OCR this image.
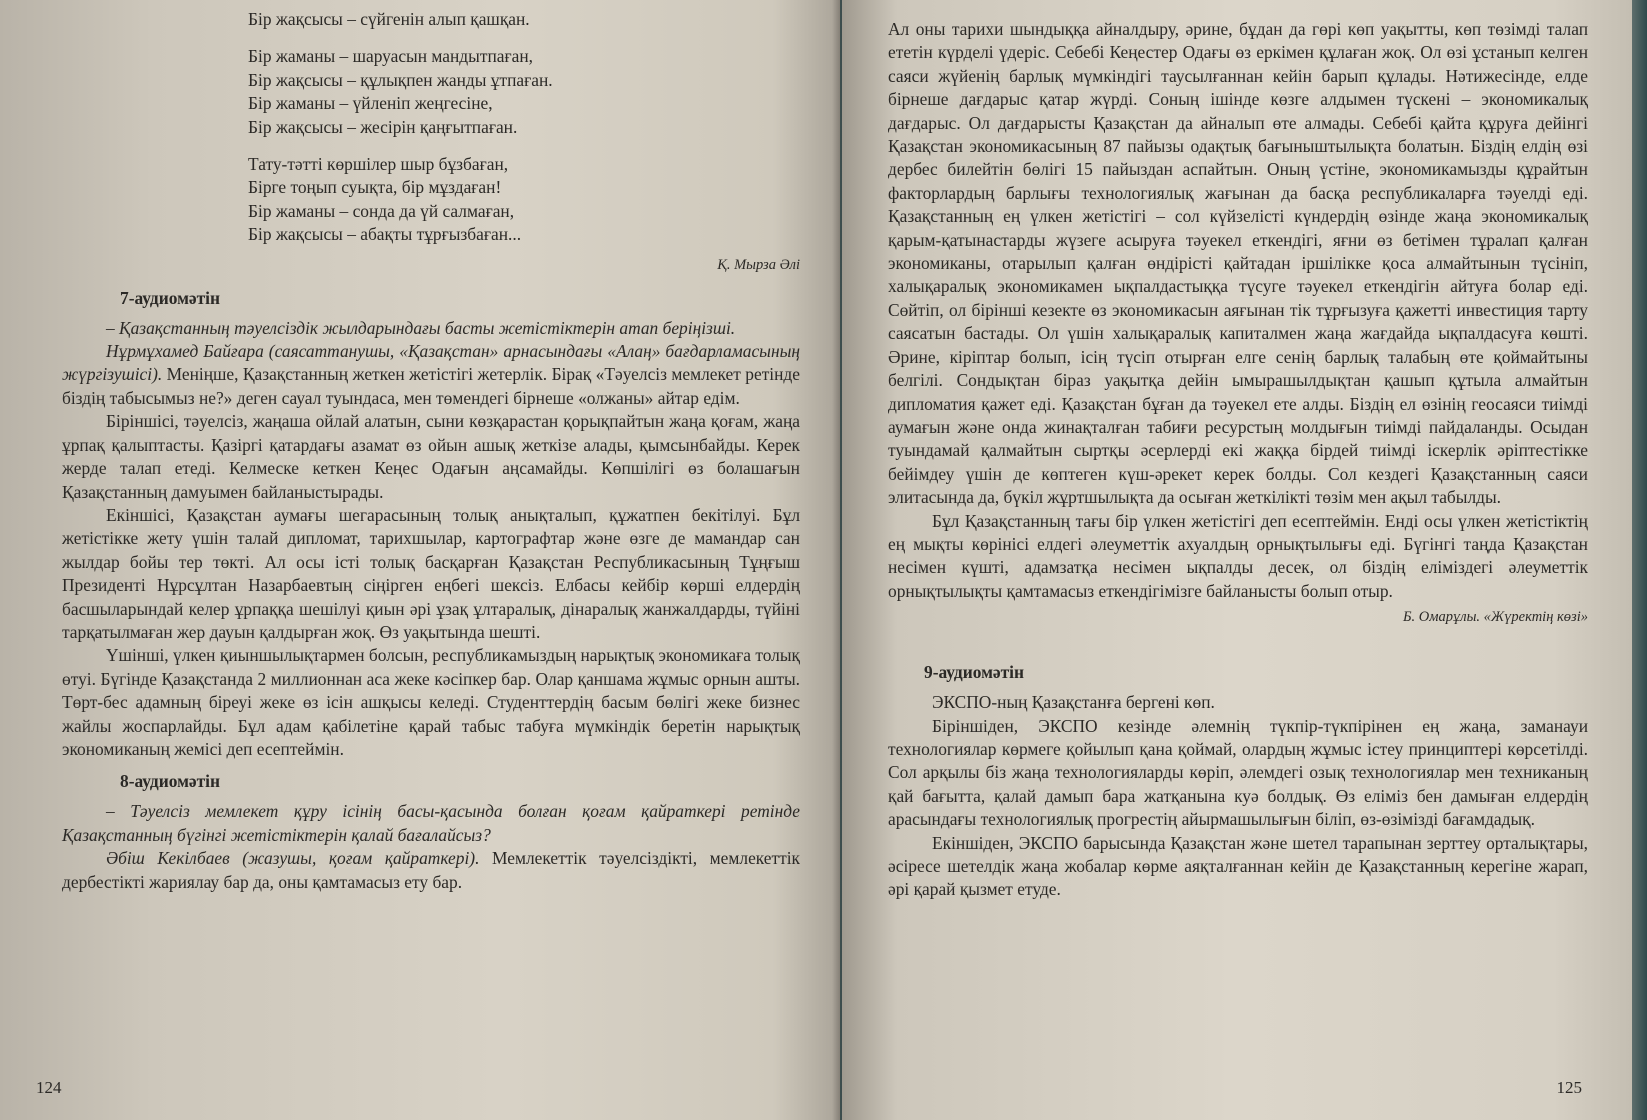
Бір жақсысы – сүйгенін алып қашқан.
Бір жаманы – шаруасын мандытпаған,
Бір жақсысы – құлықпен жанды ұтпаған.
Бір жаманы – үйленіп жеңгесіне,
Бір жақсысы – жесірін қаңғытпаған.
Тату-тәтті көршілер шыр бұзбаған,
Бірге тоңып суықта, бір мұздаған!
Бір жаманы – сонда да үй салмаған,
Бір жақсысы – абақты тұрғызбаған...
Қ. Мырза Әлі
7-аудиомәтін

– Қазақстанның тәуелсіздік жылдарындағы басты жетістіктерін атап беріңізші.

Нұрмұхамед Байғара (саясаттанушы, «Қазақстан» арнасындағы «Алаң» бағдарламасының жүргізушісі). Меніңше, Қазақстанның жеткен жетістігі жетерлік. Бірақ «Тәуелсіз мемлекет ретінде біздің табысымыз не?» деген сауал туындаса, мен төмендегі бірнеше «олжаны» айтар едім.

Біріншісі, тәуелсіз, жаңаша ойлай алатын, сыни көзқарастан қорықпайтын жаңа қоғам, жаңа ұрпақ қалыптасты. Қазіргі қатардағы азамат өз ойын ашық жеткізе алады, қымсынбайды. Керек жерде талап етеді. Келмеске кеткен Кеңес Одағын аңсамайды. Көпшілігі өз болашағын Қазақстанның дамуымен байланыстырады.

Екіншісі, Қазақстан аумағы шегарасының толық анықталып, құжатпен бекітілуі. Бұл жетістікке жету үшін талай дипломат, тарихшылар, картографтар және өзге де мамандар сан жылдар бойы тер төкті. Ал осы істі толық басқарған Қазақстан Республикасының Тұңғыш Президенті Нұрсұлтан Назарбаевтың сіңірген еңбегі шексіз. Елбасы кейбір көрші елдердің басшыларындай келер ұрпаққа шешілуі қиын әрі ұзақ ұлтаралық, дінаралық жанжалдарды, түйіні тарқатылмаған жер дауын қалдырған жоқ. Өз уақытында шешті.

Үшінші, үлкен қиыншылықтармен болсын, республикамыздың нарықтық экономикаға толық өтуі. Бүгінде Қазақстанда 2 миллионнан аса жеке кәсіпкер бар. Олар қаншама жұмыс орнын ашты. Төрт-бес адамның біреуі жеке өз ісін ашқысы келеді. Студенттердің басым бөлігі жеке бизнес жайлы жоспарлайды. Бұл адам қабілетіне қарай табыс табуға мүмкіндік беретін нарықтық экономиканың жемісі деп есептеймін.

8-аудиомәтін

– Тәуелсіз мемлекет құру ісінің басы-қасында болған қоғам қайраткері ретінде Қазақстанның бүгінгі жетістіктерін қалай бағалайсыз?

Әбіш Кекілбаев (жазушы, қоғам қайраткері). Мемлекеттік тәуелсіздікті, мемлекеттік дербестікті жариялау бар да, оны қамтамасыз ету бар.

124

Ал оны тарихи шындыққа айналдыру, әрине, бұдан да гөрі көп уақытты, көп төзімді талап ететін күрделі үдеріс. Себебі Кеңестер Одағы өз еркімен құлаған жоқ. Ол өзі ұстанып келген саяси жүйенің барлық мүмкіндігі таусылғаннан кейін барып құлады. Нәтижесінде, елде бірнеше дағдарыс қатар жүрді. Соның ішінде көзге алдымен түскені – экономикалық дағдарыс. Ол дағдарысты Қазақстан да айналып өте алмады. Себебі қайта құруға дейінгі Қазақстан экономикасының 87 пайызы одақтық бағыныштылықта болатын. Біздің елдің өзі дербес билейтін бөлігі 15 пайыздан аспайтын. Оның үстіне, экономикамызды құрайтын факторлардың барлығы технологиялық жағынан да басқа республикаларға тәуелді еді. Қазақстанның ең үлкен жетістігі – сол күйзелісті күндердің өзінде жаңа экономикалық қарым-қатынастарды жүзеге асыруға тәуекел еткендігі, яғни өз бетімен тұралап қалған экономиканы, отарылып қалған өндірісті қайтадан іршілікке қоса алмайтынын түсініп, халықаралық экономикамен ықпалдастыққа түсуге тәуекел еткендігін айтуға болар еді. Сөйтіп, ол бірінші кезекте өз экономикасын аяғынан тік тұрғызуға қажетті инвестиция тарту саясатын бастады. Ол үшін халықаралық капиталмен жаңа жағдайда ықпалдасуға көшті. Әрине, кіріптар болып, ісің түсіп отырған елге сенің барлық талабың өте қоймайтыны белгілі. Сондықтан біраз уақытқа дейін ымырашылдықтан қашып құтыла алмайтын дипломатия қажет еді. Қазақстан бұған да тәуекел ете алды. Біздің ел өзінің геосаяси тиімді аумағын және онда жинақталған табиғи ресурстың молдығын тиімді пайдаланды. Осыдан туындамай қалмайтын сыртқы әсерлерді екі жаққа бірдей тиімді іскерлік әріптестікке бейімдеу үшін де көптеген күш-әрекет керек болды. Сол кездегі Қазақстанның саяси элитасында да, бүкіл жұртшылықта да осыған жеткілікті төзім мен ақыл табылды.

Бұл Қазақстанның тағы бір үлкен жетістігі деп есептеймін. Енді осы үлкен жетістіктің ең мықты көрінісі елдегі әлеуметтік ахуалдың орнықтылығы еді. Бүгінгі таңда Қазақстан несімен күшті, адамзатқа несімен ықпалды десек, ол біздің еліміздегі әлеуметтік орнықтылықты қамтамасыз еткендігімізге байланысты болып отыр.

Б. Омарұлы. «Жүректің көзі»
9-аудиомәтін

ЭКСПО-ның Қазақстанға бергені көп.

Біріншіден, ЭКСПО кезінде әлемнің түкпір-түкпірінен ең жаңа, заманауи технологиялар көрмеге қойылып қана қоймай, олардың жұмыс істеу принциптері көрсетілді. Сол арқылы біз жаңа технологияларды көріп, әлемдегі озық технологиялар мен техниканың қай бағытта, қалай дамып бара жатқанына куә болдық. Өз еліміз бен дамыған елдердің арасындағы технологиялық прогрестің айырмашылығын біліп, өз-өзімізді бағамдадық.

Екіншіден, ЭКСПО барысында Қазақстан және шетел тарапынан зерттеу орталықтары, әсіресе шетелдік жаңа жобалар көрме аяқталғаннан кейін де Қазақстанның керегіне жарап, әрі қарай қызмет етуде.

125
